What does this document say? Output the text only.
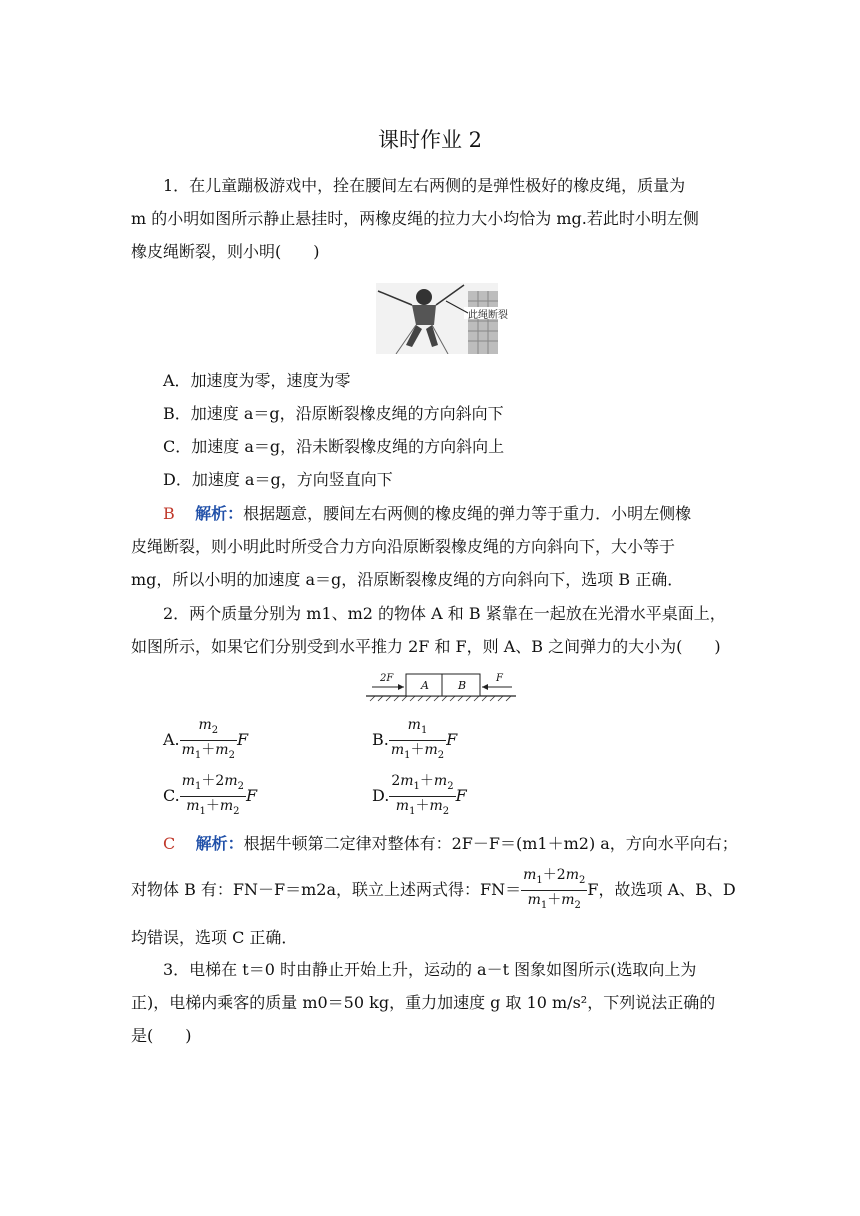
课时作业 2
1．在儿童蹦极游戏中，拴在腰间左右两侧的是弹性极好的橡皮绳，质量为
m 的小明如图所示静止悬挂时，两橡皮绳的拉力大小均恰为 mg.若此时小明左侧
橡皮绳断裂，则小明(　　)
此绳断裂
A．加速度为零，速度为零
B．加速度 a＝g，沿原断裂橡皮绳的方向斜向下
C．加速度 a＝g，沿未断裂橡皮绳的方向斜向上
D．加速度 a＝g，方向竖直向下
B 解析：根据题意，腰间左右两侧的橡皮绳的弹力等于重力．小明左侧橡
皮绳断裂，则小明此时所受合力方向沿原断裂橡皮绳的方向斜向下，大小等于
mg，所以小明的加速度 a＝g，沿原断裂橡皮绳的方向斜向下，选项 B 正确．
2．两个质量分别为 m1、m2 的物体 A 和 B 紧靠在一起放在光滑水平桌面上，
如图所示，如果它们分别受到水平推力 2F 和 F，则 A、B 之间弹力的大小为(　　)
2F
A	B
F
A. $\frac{m_2}{m_1+m_2}$ F	B. $\frac{m_1}{m_1+m_2}$ F
C. $\frac{m_1+2m_2}{m_1+m_2}$ F	D. $\frac{2m_1+m_2}{m_1+m_2}$ F
C 解析：根据牛顿第二定律对整体有：2F－F＝(m1＋m2) a，方向水平向右；
对物体 B 有：FN－F＝m2a，联立上述两式得：$FN= \frac{m_1+2m_2}{m_1+m_2}$ F，故选项 A、B、D
均错误，选项 C 正确．
3．电梯在 t＝0 时由静止开始上升，运动的 a－t 图象如图所示(选取向上为
正)，电梯内乘客的质量 m0＝50 kg，重力加速度 g 取 10 m/s²，下列说法正确的
是(　　)
